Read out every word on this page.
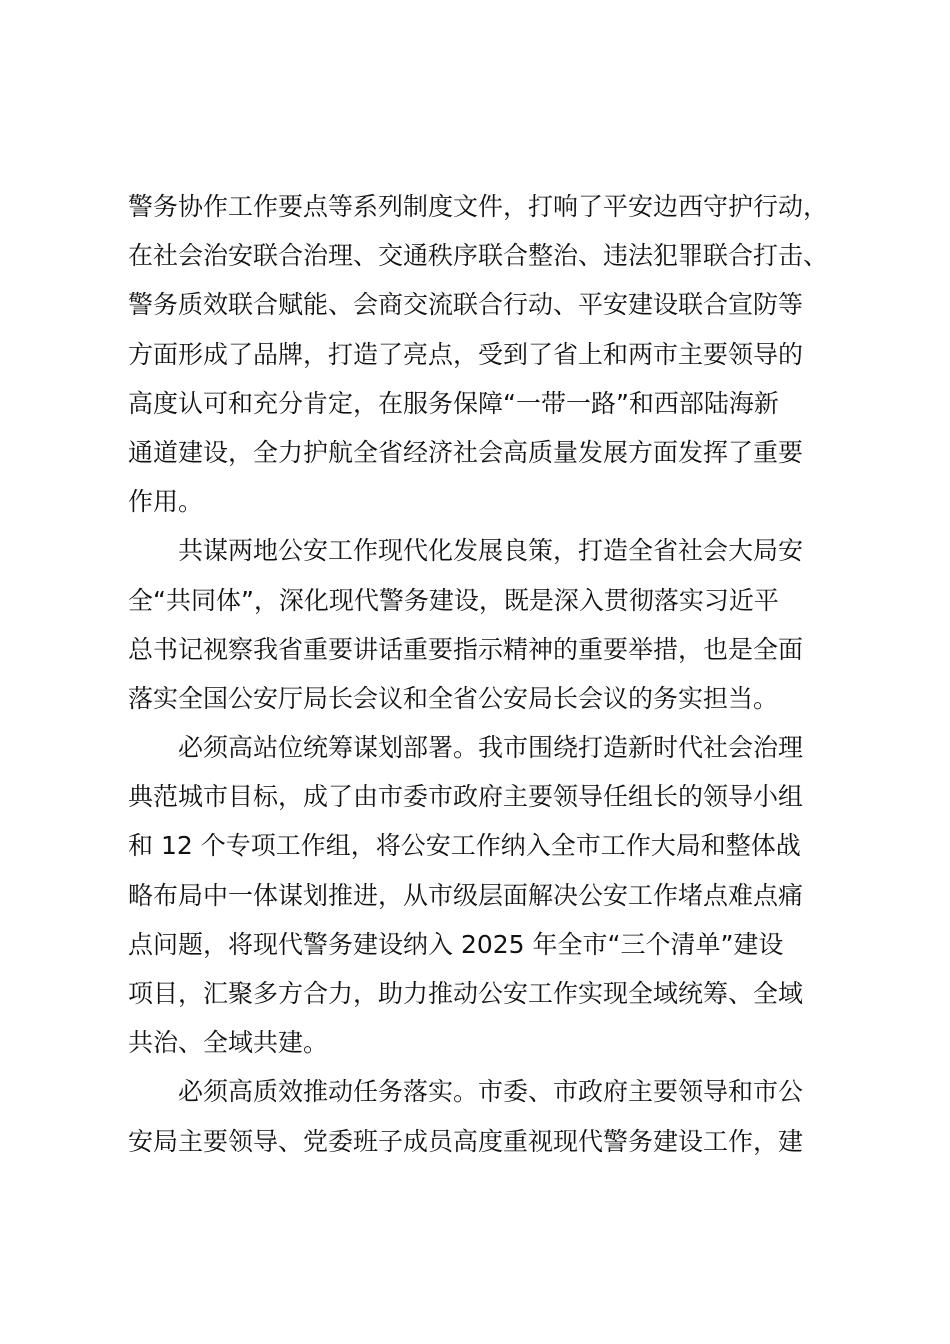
警务协作工作要点等系列制度文件，打响了平安边西守护行动，
在社会治安联合治理、交通秩序联合整治、违法犯罪联合打击、
警务质效联合赋能、会商交流联合行动、平安建设联合宣防等
方面形成了品牌，打造了亮点，受到了省上和两市主要领导的
高度认可和充分肯定，在服务保障“一带一路”和西部陆海新
通道建设，全力护航全省经济社会高质量发展方面发挥了重要
作用。
共谋两地公安工作现代化发展良策，打造全省社会大局安
全“共同体”，深化现代警务建设，既是深入贯彻落实习近平
总书记视察我省重要讲话重要指示精神的重要举措，也是全面
落实全国公安厅局长会议和全省公安局长会议的务实担当。
必须高站位统筹谋划部署。我市围绕打造新时代社会治理
典范城市目标，成了由市委市政府主要领导任组长的领导小组
和 12 个专项工作组，将公安工作纳入全市工作大局和整体战
略布局中一体谋划推进，从市级层面解决公安工作堵点难点痛
点问题，将现代警务建设纳入 2025 年全市“三个清单”建设
项目，汇聚多方合力，助力推动公安工作实现全域统筹、全域
共治、全域共建。
必须高质效推动任务落实。市委、市政府主要领导和市公
安局主要领导、党委班子成员高度重视现代警务建设工作，建
